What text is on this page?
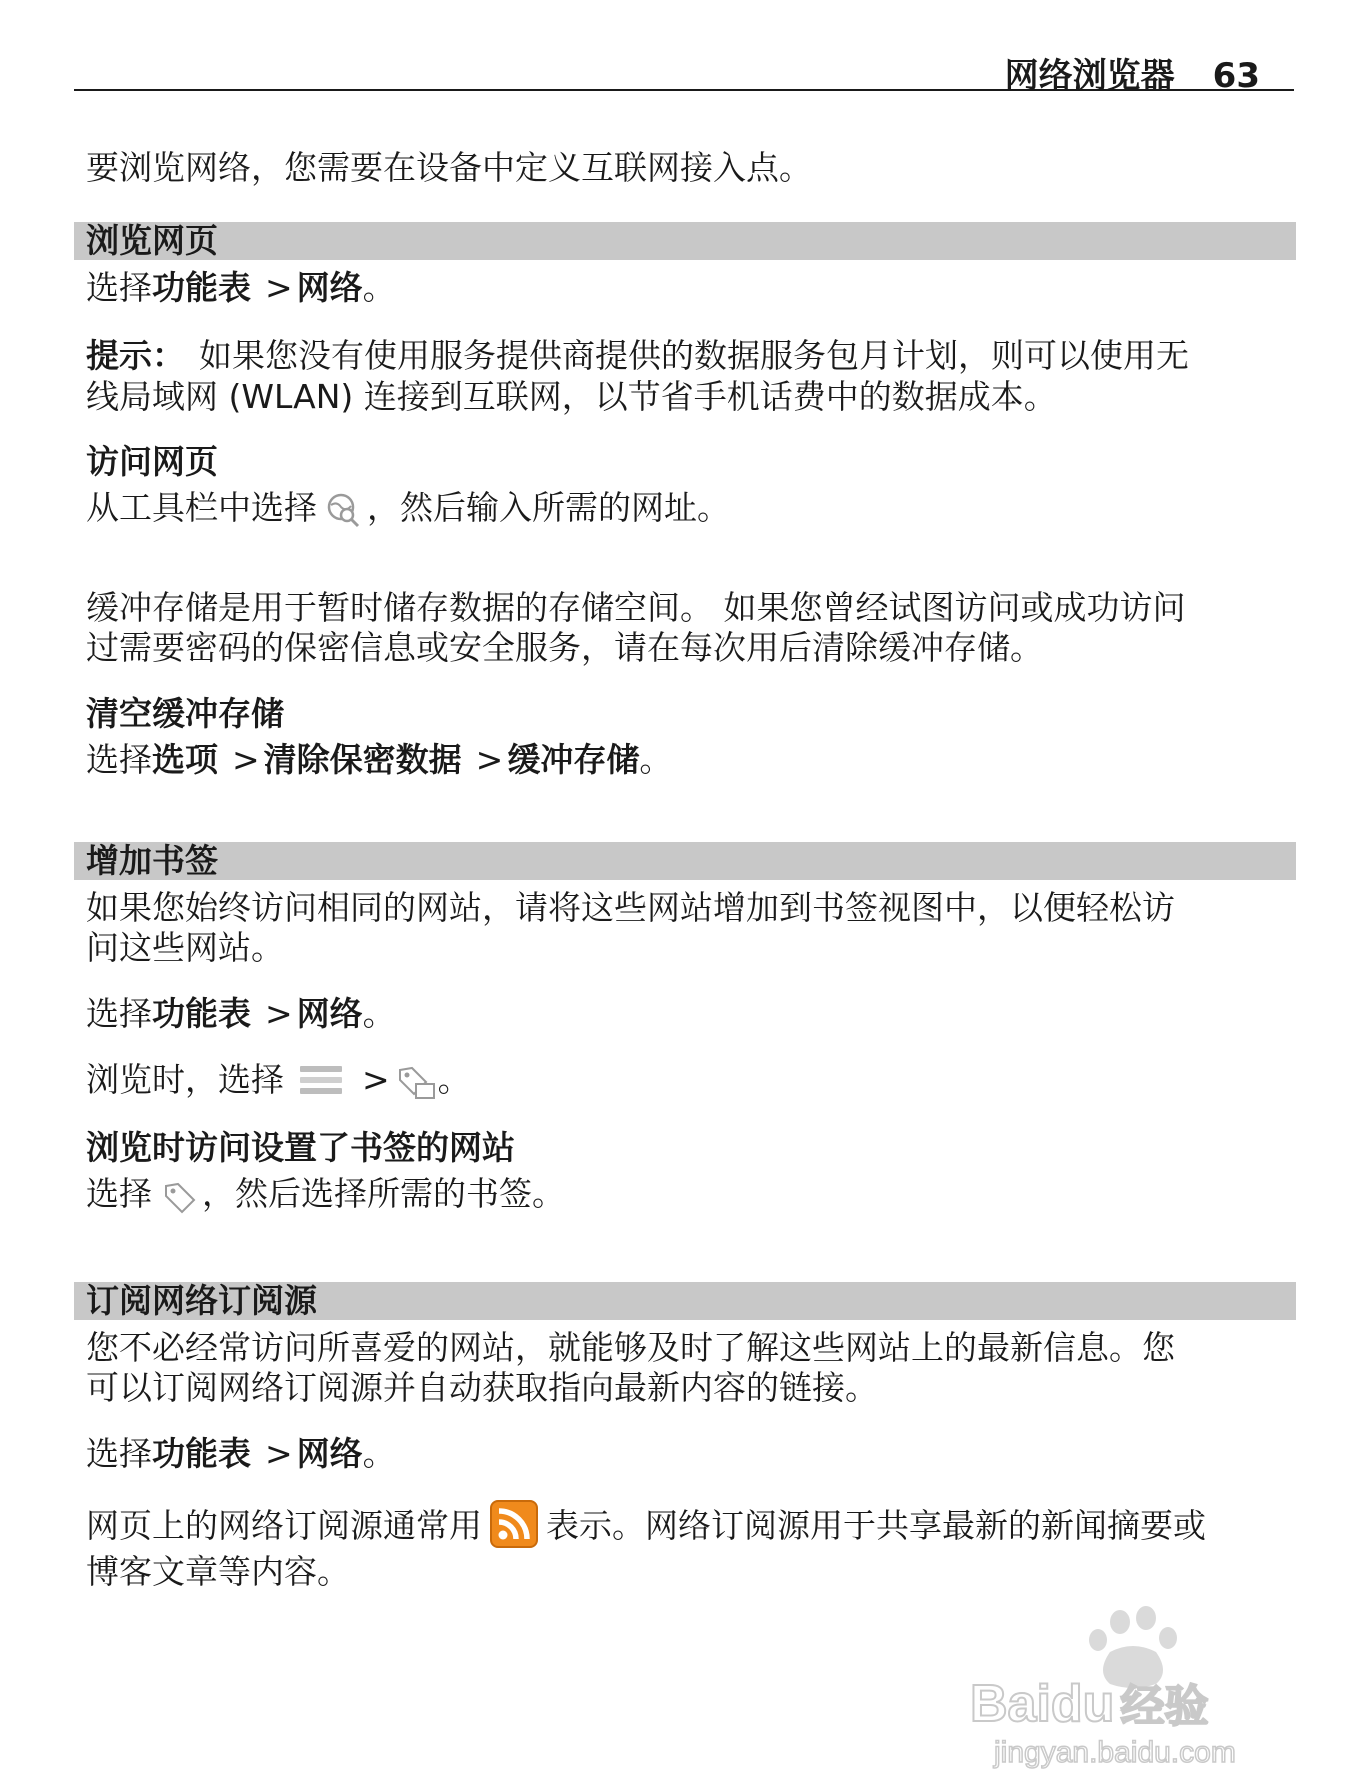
网络浏览器 63
要浏览网络，您需要在设备中定义互联网接入点。
浏览网页
选择功能表 > 网络。
提示： 如果您没有使用服务提供商提供的数据服务包月计划，则可以使用无
线局域网 (WLAN) 连接到互联网，以节省手机话费中的数据成本。
访问网页
从工具栏中选择 ，然后输入所需的网址。
缓冲存储是用于暂时储存数据的存储空间。 如果您曾经试图访问或成功访问
过需要密码的保密信息或安全服务，请在每次用后清除缓冲存储。
清空缓冲存储
选择选项 > 清除保密数据 > 缓冲存储。
增加书签
如果您始终访问相同的网站，请将这些网站增加到书签视图中，以便轻松访
问这些网站。
选择功能表 > 网络。
浏览时，选择 > 。
浏览时访问设置了书签的网站
选择 ，然后选择所需的书签。
订阅网络订阅源
您不必经常访问所喜爱的网站，就能够及时了解这些网站上的最新信息。您
可以订阅网络订阅源并自动获取指向最新内容的链接。
选择功能表 > 网络。
网页上的网络订阅源通常用 表示。网络订阅源用于共享最新的新闻摘要或
博客文章等内容。
Baidu 经验
jingyan.baidu.com
